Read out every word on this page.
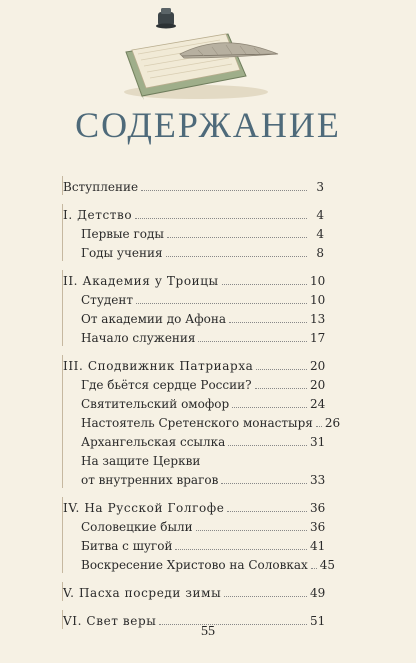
СОДЕРЖАНИЕ
Вступление	3
I. Детство	4
Первые годы	4
Годы учения	8
II. Академия у Троицы	10
Студент	10
От академии до Афона	13
Начало служения	17
III. Сподвижник Патриарха	20
Где бьётся сердце России?	20
Святительский омофор	24
Настоятель Сретенского монастыря 26
Архангельская ссылка	31
На защите Церкви
от внутренних врагов	33
IV. На Русской Голгофе	36
Соловецкие были	36
Битва с шугой	41
Воскресение Христово на Соловках 45
V. Пасха посреди зимы	49
VI. Свет веры	51
55
